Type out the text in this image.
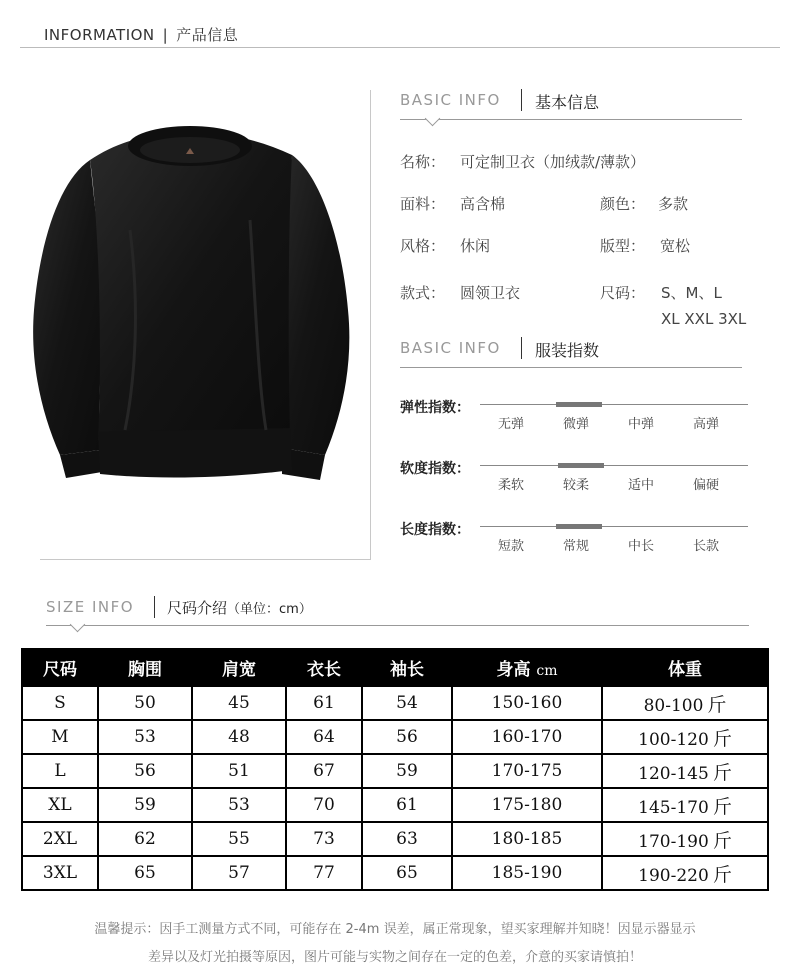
INFORMATION | 产品信息
BASIC INFO 基本信息
名称： 可定制卫衣（加绒款/薄款）
面料： 高含棉	颜色： 多款
风格： 休闲	版型： 宽松
款式： 圆领卫衣	尺码： S、M、L
XL XXL 3XL
BASIC INFO 服装指数
弹性指数：
无弹	微弹	中弹	高弹
软度指数：
柔软	较柔	适中	偏硬
长度指数：
短款	常规	中长	长款
SIZE INFO 尺码介绍（单位：cm）
尺码	胸围	肩宽	衣长	袖长	身高 cm	体重
S	50	45	61	54	150-160	80-100 斤
M	53	48	64	56	160-170	100-120 斤
L	56	51	67	59	170-175	120-145 斤
XL	59	53	70	61	175-180	145-170 斤
2XL	62	55	73	63	180-185	170-190 斤
3XL	65	57	77	65	185-190	190-220 斤
温馨提示：因手工测量方式不同，可能存在 2-4m 误差，属正常现象，望买家理解并知晓！因显示器显示
差异以及灯光拍摄等原因，图片可能与实物之间存在一定的色差，介意的买家请慎拍！
